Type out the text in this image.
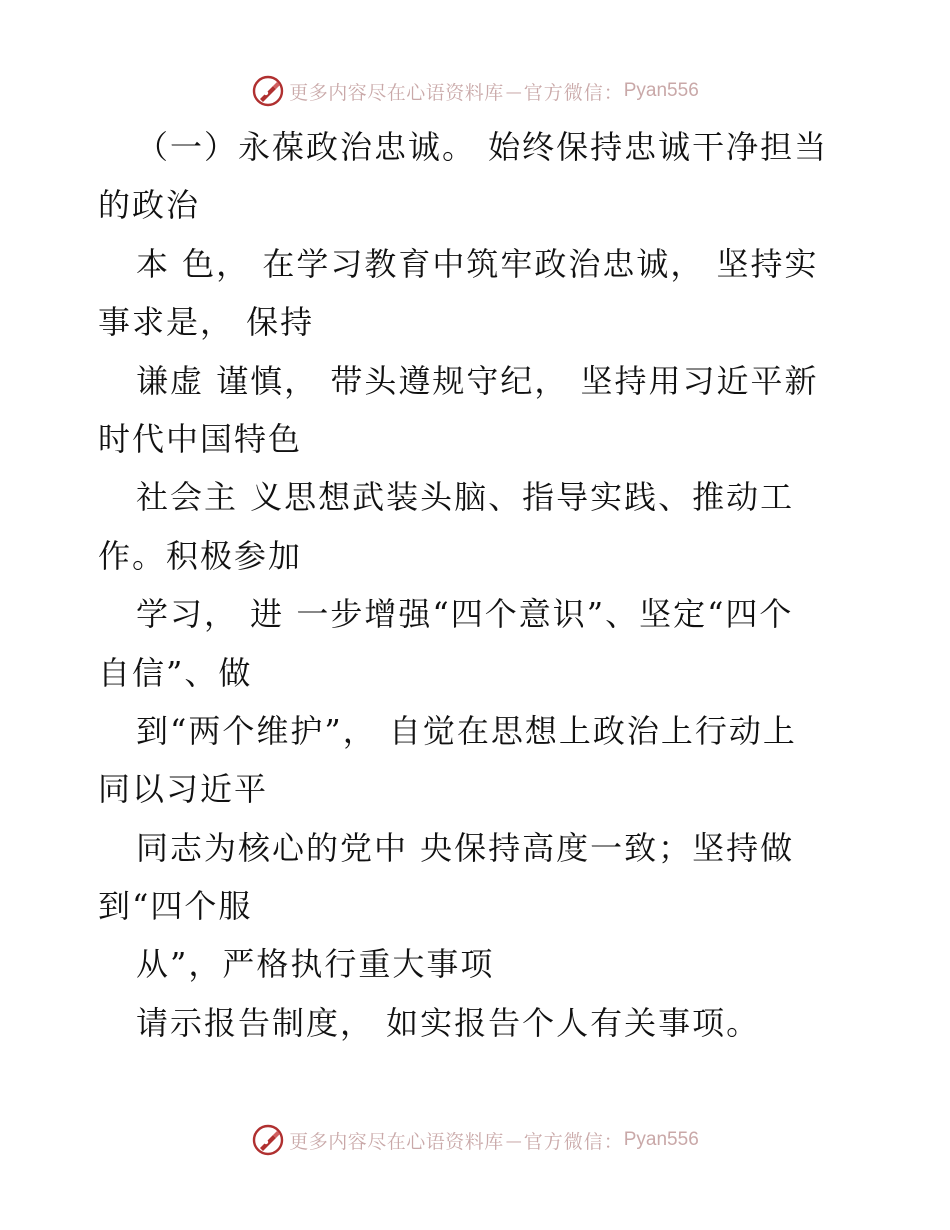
更多内容尽在心语资料库 — 官方微信： Pyan556
（一）永葆政治忠诚。 始终保持忠诚干净担当
的政治
本 色， 在学习教育中筑牢政治忠诚， 坚持实
事求是， 保持
谦虚 谨慎， 带头遵规守纪， 坚持用习近平新
时代中国特色
社会主 义思想武装头脑、指导实践、推动工
作。积极参加
学习， 进 一步增强“四个意识”、坚定“四个
自信”、做
到“两个维护”， 自觉在思想上政治上行动上
同以习近平
同志为核心的党中 央保持高度一致；坚持做
到“四个服
从”，严格执行重大事项
请示报告制度， 如实报告个人有关事项。
更多内容尽在心语资料库 — 官方微信： Pyan556
